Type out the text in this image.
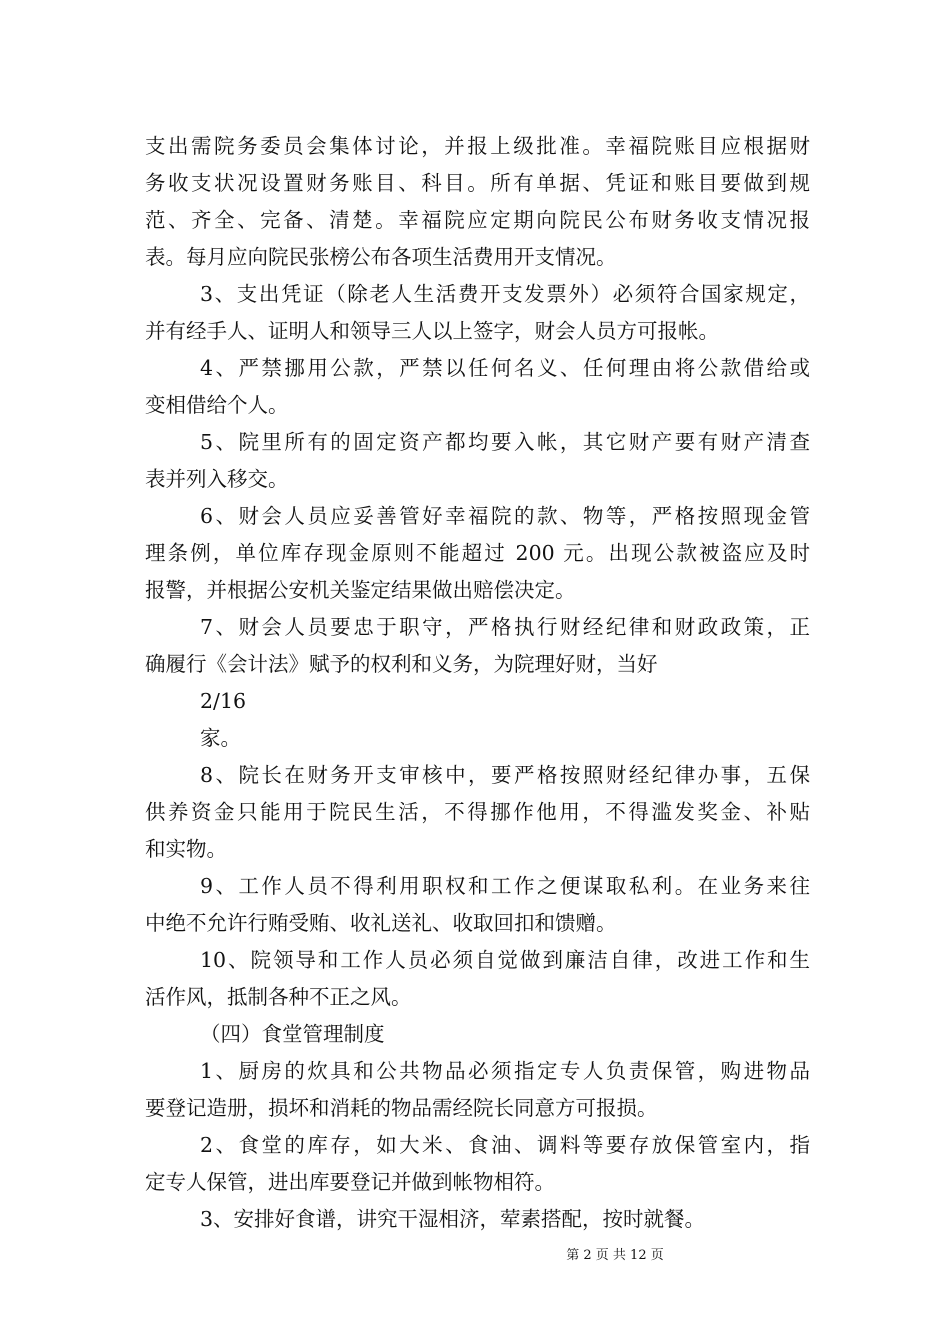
支出需院务委员会集体讨论，并报上级批准。幸福院账目应根据财
务收支状况设置财务账目、科目。所有单据、凭证和账目要做到规
范、齐全、完备、清楚。幸福院应定期向院民公布财务收支情况报
表。每月应向院民张榜公布各项生活费用开支情况。
3、支出凭证（除老人生活费开支发票外）必须符合国家规定，
并有经手人、证明人和领导三人以上签字，财会人员方可报帐。
4、严禁挪用公款，严禁以任何名义、任何理由将公款借给或
变相借给个人。
5、院里所有的固定资产都均要入帐，其它财产要有财产清查
表并列入移交。
6、财会人员应妥善管好幸福院的款、物等，严格按照现金管
理条例，单位库存现金原则不能超过 200 元。出现公款被盗应及时
报警，并根据公安机关鉴定结果做出赔偿决定。
7、财会人员要忠于职守，严格执行财经纪律和财政政策，正
确履行《会计法》赋予的权利和义务，为院理好财，当好
2/16
家。
8、院长在财务开支审核中，要严格按照财经纪律办事，五保
供养资金只能用于院民生活，不得挪作他用，不得滥发奖金、补贴
和实物。
9、工作人员不得利用职权和工作之便谋取私利。在业务来往
中绝不允许行贿受贿、收礼送礼、收取回扣和馈赠。
10、院领导和工作人员必须自觉做到廉洁自律，改进工作和生
活作风，抵制各种不正之风。
（四）食堂管理制度
1、厨房的炊具和公共物品必须指定专人负责保管，购进物品
要登记造册，损坏和消耗的物品需经院长同意方可报损。
2、食堂的库存，如大米、食油、调料等要存放保管室内，指
定专人保管，进出库要登记并做到帐物相符。
3、安排好食谱，讲究干湿相济，荤素搭配，按时就餐。
第 2 页 共 12 页
